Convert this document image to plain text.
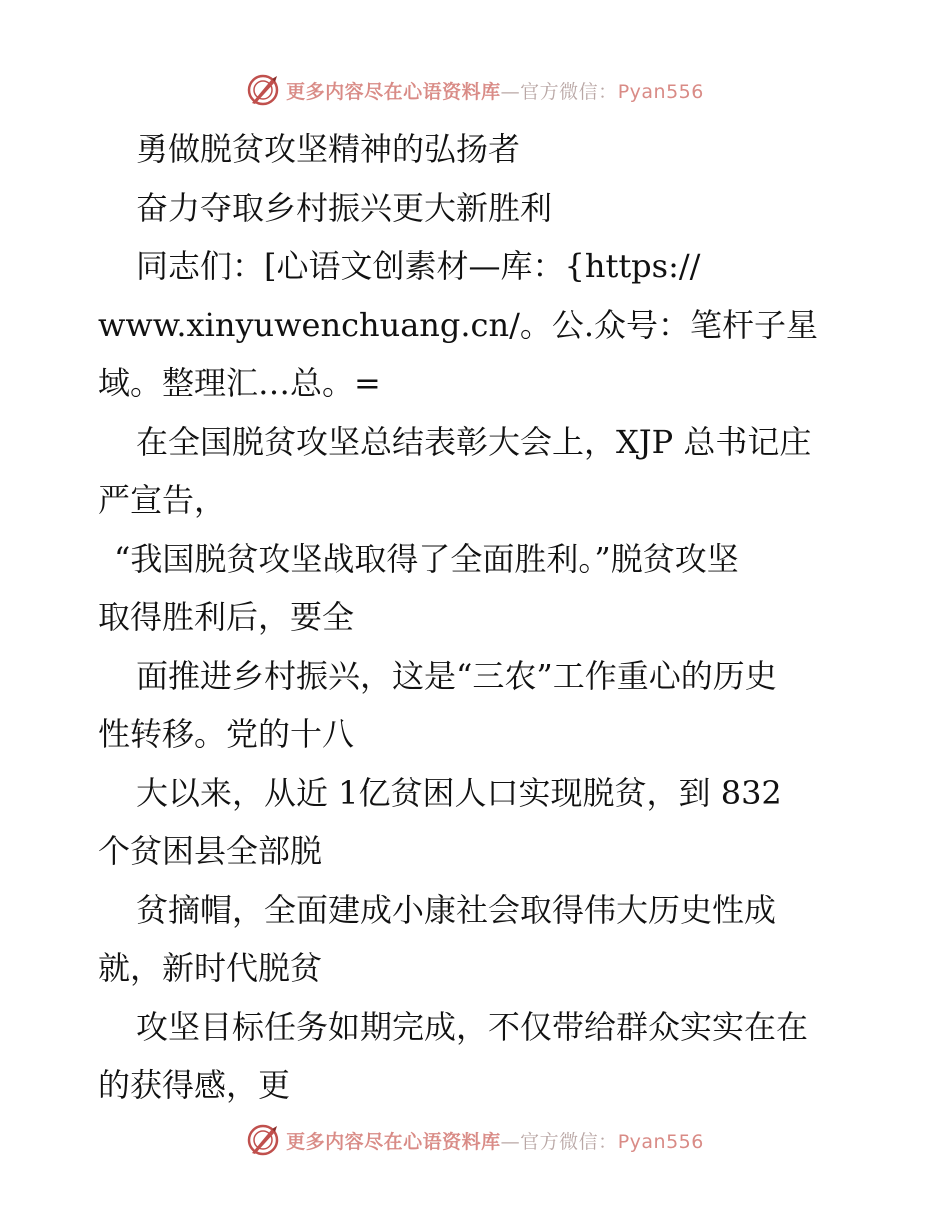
更多内容尽在心语资料库—官方微信：Pyan556
勇做脱贫攻坚精神的弘扬者
奋力夺取乡村振兴更大新胜利
同志们：[心语文创素材—库：{https://
www.xinyuwenchuang.cn/。公.众号：笔杆子星
域。整理汇…总。=
在全国脱贫攻坚总结表彰大会上，XJP 总书记庄
严宣告，
“我国脱贫攻坚战取得了全面胜利。”脱贫攻坚
取得胜利后，要全
面推进乡村振兴，这是“三农”工作重心的历史
性转移。党的十八
大以来，从近 1亿贫困人口实现脱贫，到 832
个贫困县全部脱
贫摘帽，全面建成小康社会取得伟大历史性成
就，新时代脱贫
攻坚目标任务如期完成，不仅带给群众实实在在
的获得感，更
更多内容尽在心语资料库—官方微信：Pyan556
